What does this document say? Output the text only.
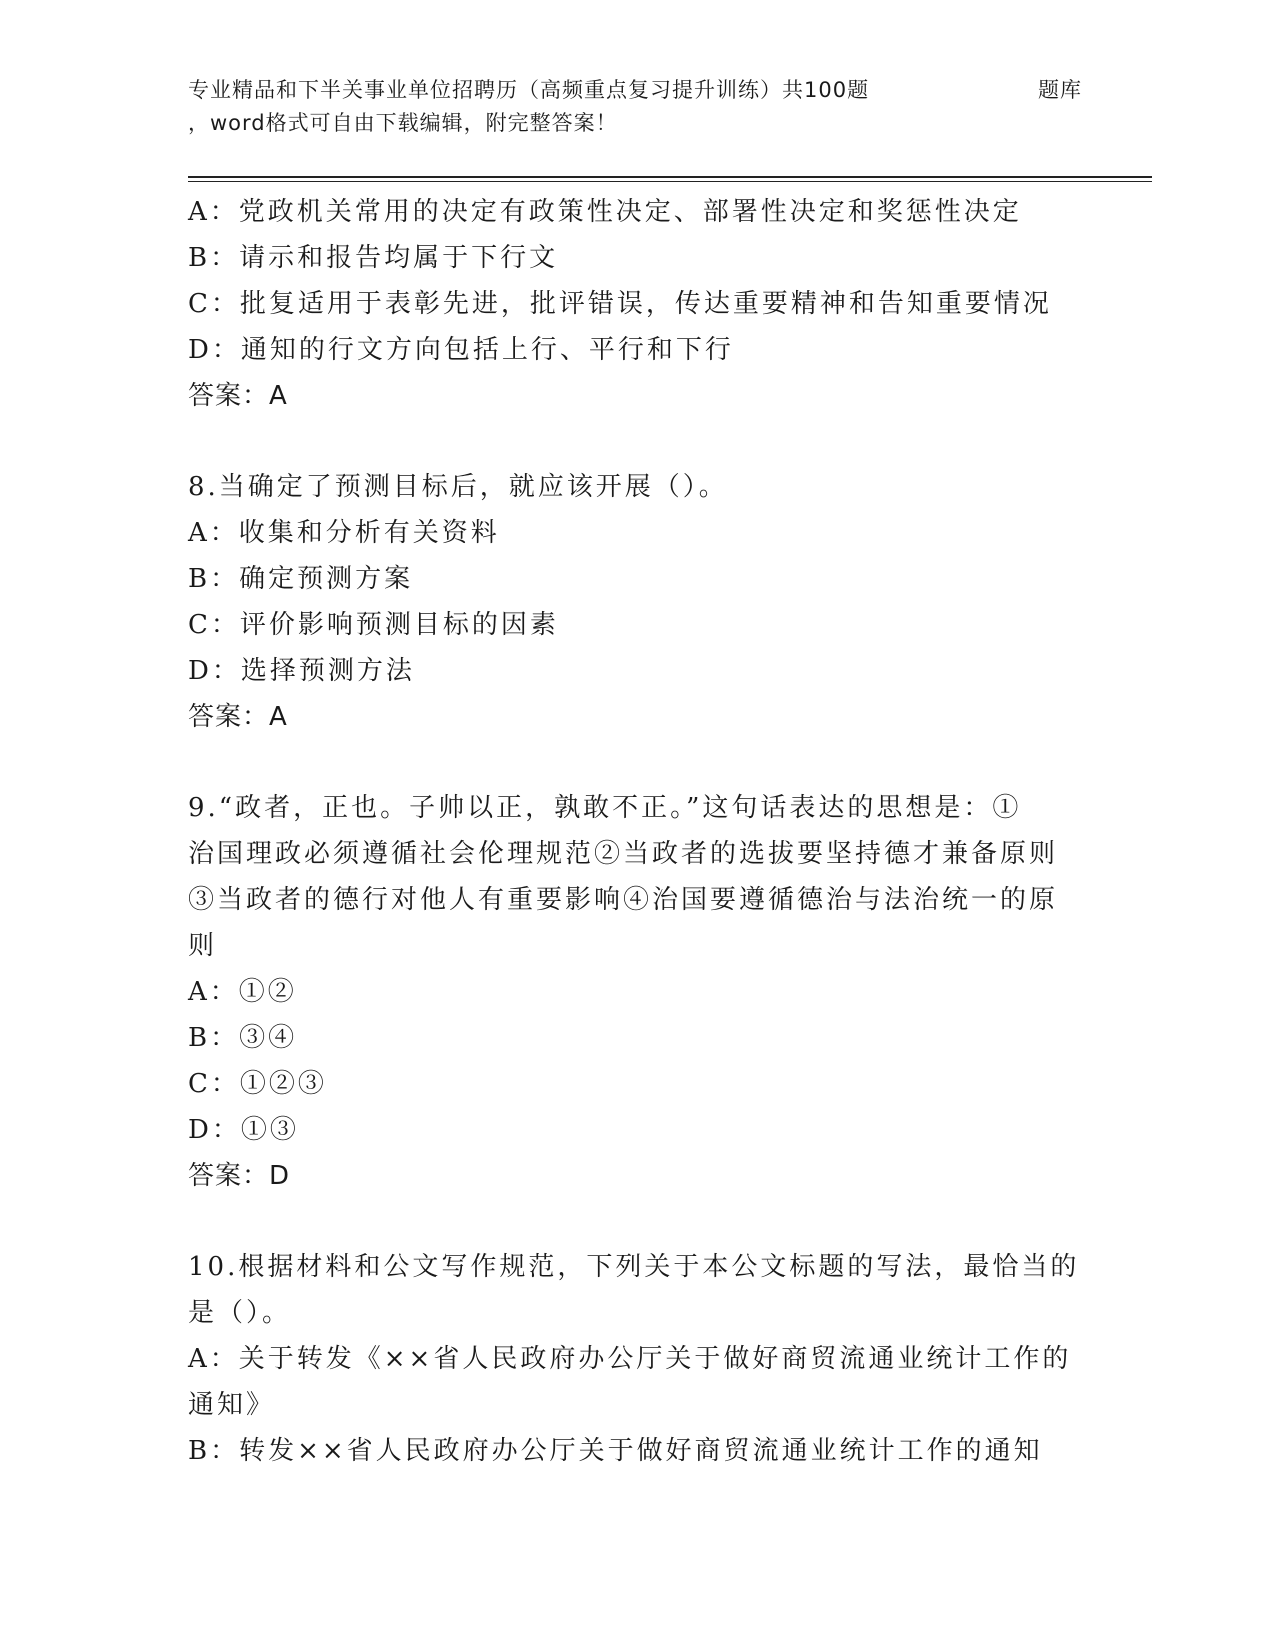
专业精品和下半关事业单位招聘历（高频重点复习提升训练）共100题	题库
，word格式可自由下载编辑，附完整答案！
A：党政机关常用的决定有政策性决定、部署性决定和奖惩性决定
B：请示和报告均属于下行文
C：批复适用于表彰先进，批评错误，传达重要精神和告知重要情况
D：通知的行文方向包括上行、平行和下行
答案：A
8.当确定了预测目标后，就应该开展（）。
A：收集和分析有关资料
B：确定预测方案
C：评价影响预测目标的因素
D：选择预测方法
答案：A
9.“政者，正也。子帅以正，孰敢不正。”这句话表达的思想是：①
治国理政必须遵循社会伦理规范②当政者的选拔要坚持德才兼备原则
③当政者的德行对他人有重要影响④治国要遵循德治与法治统一的原
则
A：①②
B：③④
C：①②③
D：①③
答案：D
10.根据材料和公文写作规范，下列关于本公文标题的写法，最恰当的
是（）。
A：关于转发《××省人民政府办公厅关于做好商贸流通业统计工作的
通知》
B：转发××省人民政府办公厅关于做好商贸流通业统计工作的通知
